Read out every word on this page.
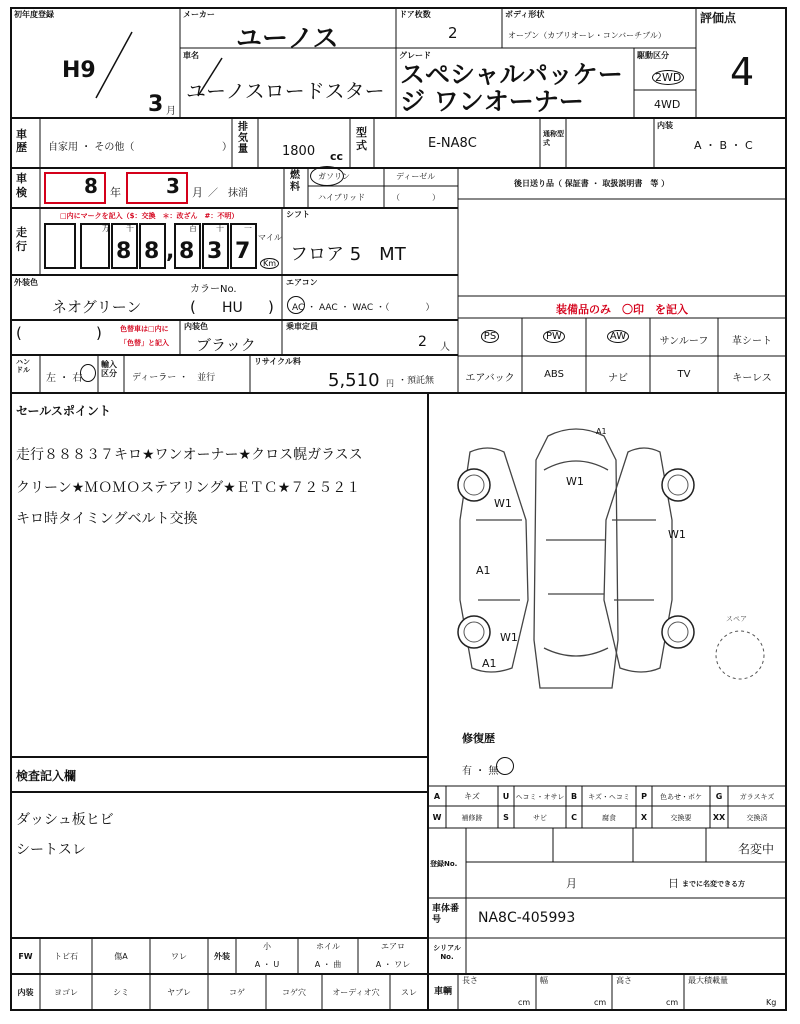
初年度登録
H9
3 月
メーカー
ユーノス
ドア枚数
2
ボディ形状
オープン（カブリオーレ・コンバーチブル）
評価点
4
車名
ユーノスロードスター
グレード
スペシャルパッケー
ジ ワンオーナー
駆動区分
2WD
4WD
車歴	自家用 ・ その他（	）
排気量	1800 cc
型式	E-NA8C
通称型式
内装
A ・ B ・ C
車検	8 年 3 月 ／　抹消
燃料
ガソリン	ディーゼル
ハイブリッド	（　　　　）
後日送り品（ 保証書 ・ 取扱説明書　等 ）
走行
□内にマークを記入（$：交換　＊：改ざん　#：不明）
万 千	百 十	一
8 8 , 8 3 7
マイル
Km
シフト
フロア 5　MT
外装色
ネオグリーン
カラーNo.
( HU )
エアコン
AC ・ AAC ・ WAC ・（　　　　）	装備品のみ　〇印　を記入
(	)	色替車は□内に
「色替」と記入
内装色
ブラック
乗車定員
2 人
PS	PW	AW	サンルーフ	革シート
ハンドル
左 ・ 右
輸入区分	ディーラー ・　並行
リサイクル料
5,510 円 ・預託無	エアバック	ABS	ナビ	TV	キーレス
セールスポイント
走行８８８３７キロ★ワンオーナー★クロス幌ガラスス
クリーン★ＭＯＭＯステアリング★ＥＴＣ★７２５２１
キロ時タイミングベルト交換
A1
W1
W1
W1
A1
W1
A1
スペア
修復歴
有 ・ 無
検査記入欄
ダッシュ板ヒビ
シートスレ
A	キズ	U ヘコミ・オサレ B	キズ・ヘコミ	P	色あせ・ボケ	G	ガラスキズ
W	補修跡	S	サビ	C	腐食	X	交換要	XX	交換済
登録No.
名変中
月	日 までに名変できる方
車体番号	NA8C-405993
FW	トビ石	傷A	ワレ	外装
小
A ・ U
ホイル
A ・ 曲
エアロ
A ・ ワレ
シリアルNo.
内装	ヨゴレ	シミ	ヤブレ	コゲ	コゲ穴	オーディオ穴	スレ	車輌
長さ
cm
幅
cm
高さ
cm
最大積載量
Kg
